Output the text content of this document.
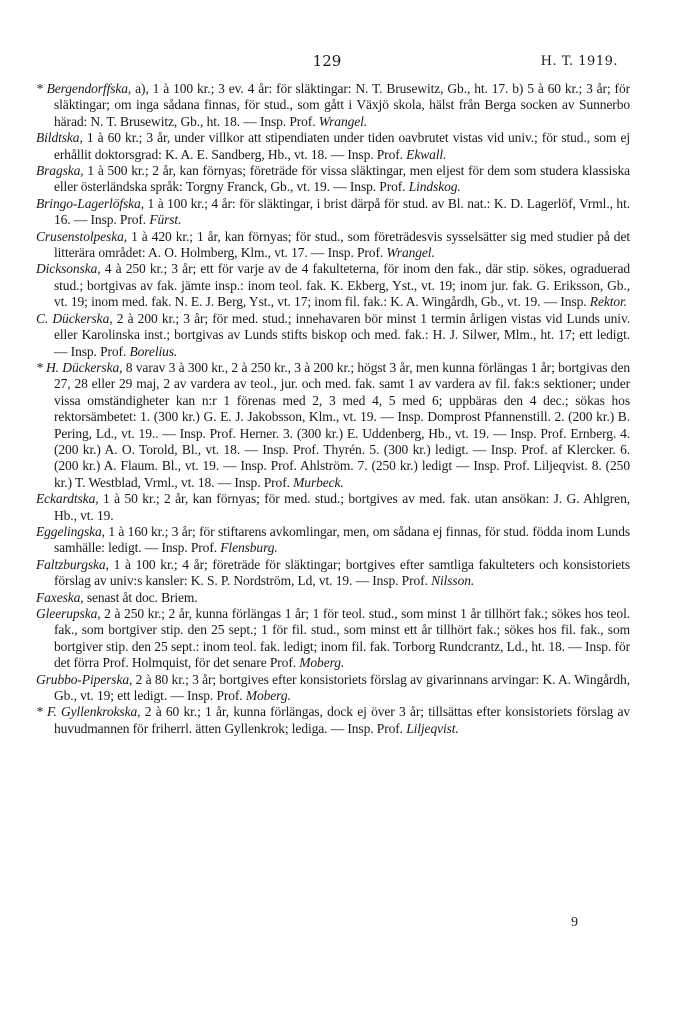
129	H. T. 1919.

* Bergendorffska, a), 1 à 100 kr.; 3 ev. 4 år: för släktingar: N. T. Brusewitz, Gb., ht. 17. b) 5 à 60 kr.; 3 år; för släktingar; om inga sådana finnas, för stud., som gått i Växjö skola, hälst från Berga socken av Sunnerbo härad: N. T. Brusewitz, Gb., ht. 18. — Insp. Prof. Wrangel.

Bildtska, 1 à 60 kr.; 3 år, under villkor att stipendiaten under tiden oavbrutet vistas vid univ.; för stud., som ej erhållit doktorsgrad: K. A. E. Sandberg, Hb., vt. 18. — Insp. Prof. Ekwall.

Bragska, 1 à 500 kr.; 2 år, kan förnyas; företräde för vissa släktingar, men eljest för dem som studera klassiska eller österländska språk: Torgny Franck, Gb., vt. 19. — Insp. Prof. Lindskog.

Bringo-Lagerlöfska, 1 à 100 kr.; 4 år: för släktingar, i brist därpå för stud. av Bl. nat.: K. D. Lagerlöf, Vrml., ht. 16. — Insp. Prof. Fürst.

Crusenstolpeska, 1 à 420 kr.; 1 år, kan förnyas; för stud., som företrädesvis sysselsätter sig med studier på det litterära området: A. O. Holmberg, Klm., vt. 17. — Insp. Prof. Wrangel.

Dicksonska, 4 à 250 kr.; 3 år; ett för varje av de 4 fakulteterna, för inom den fak., där stip. sökes, ograduerad stud.; bortgivas av fak. jämte insp.: inom teol. fak. K. Ekberg, Yst., vt. 19; inom jur. fak. G. Eriksson, Gb., vt. 19; inom med. fak. N. E. J. Berg, Yst., vt. 17; inom fil. fak.: K. A. Wingårdh, Gb., vt. 19. — Insp. Rektor.

C. Dückerska, 2 à 200 kr.; 3 år; för med. stud.; innehavaren bör minst 1 termin årligen vistas vid Lunds univ. eller Karolinska inst.; bortgivas av Lunds stifts biskop och med. fak.: H. J. Silwer, Mlm., ht. 17; ett ledigt. — Insp. Prof. Borelius.

* H. Dückerska, 8 varav 3 à 300 kr., 2 à 250 kr., 3 à 200 kr.; högst 3 år, men kunna förlängas 1 år; bortgivas den 27, 28 eller 29 maj, 2 av vardera av teol., jur. och med. fak. samt 1 av vardera av fil. fak:s sektioner; under vissa omständigheter kan n:r 1 förenas med 2, 3 med 4, 5 med 6; uppbäras den 4 dec.; sökas hos rektorsämbetet: 1. (300 kr.) G. E. J. Jakobsson, Klm., vt. 19. — Insp. Domprost Pfannenstill. 2. (200 kr.) B. Pering, Ld., vt. 19.. — Insp. Prof. Herner. 3. (300 kr.) E. Uddenberg, Hb., vt. 19. — Insp. Prof. Ernberg. 4. (200 kr.) A. O. Torold, Bl., vt. 18. — Insp. Prof. Thyrén. 5. (300 kr.) ledigt. — Insp. Prof. af Klercker. 6. (200 kr.) A. Flaum. Bl., vt. 19. — Insp. Prof. Ahlström. 7. (250 kr.) ledigt — Insp. Prof. Liljeqvist. 8. (250 kr.) T. Westblad, Vrml., vt. 18. — Insp. Prof. Murbeck.

Eckardtska, 1 à 50 kr.; 2 år, kan förnyas; för med. stud.; bortgives av med. fak. utan ansökan: J. G. Ahlgren, Hb., vt. 19.

Eggelingska, 1 à 160 kr.; 3 år; för stiftarens avkomlingar, men, om sådana ej finnas, för stud. födda inom Lunds samhälle: ledigt. — Insp. Prof. Flensburg.

Faltzburgska, 1 à 100 kr.; 4 år; företräde för släktingar; bortgives efter samtliga fakulteters och konsistoriets förslag av univ:s kansler: K. S. P. Nordström, Ld, vt. 19. — Insp. Prof. Nilsson.

Faxeska, senast åt doc. Briem.

Gleerupska, 2 à 250 kr.; 2 år, kunna förlängas 1 år; 1 för teol. stud., som minst 1 år tillhört fak.; sökes hos teol. fak., som bortgiver stip. den 25 sept.; 1 för fil. stud., som minst ett år tillhört fak.; sökes hos fil. fak., som bortgiver stip. den 25 sept.: inom teol. fak. ledigt; inom fil. fak. Torborg Rundcrantz, Ld., ht. 18. — Insp. för det förra Prof. Holmquist, för det senare Prof. Moberg.

Grubbo-Piperska, 2 à 80 kr.; 3 år; bortgives efter konsistoriets förslag av givarinnans arvingar: K. A. Wingårdh, Gb., vt. 19; ett ledigt. — Insp. Prof. Moberg.

* F. Gyllenkrokska, 2 à 60 kr.; 1 år, kunna förlängas, dock ej över 3 år; tillsättas efter konsistoriets förslag av huvudmannen för friherrl. ätten Gyllenkrok; lediga. — Insp. Prof. Liljeqvist.

9
